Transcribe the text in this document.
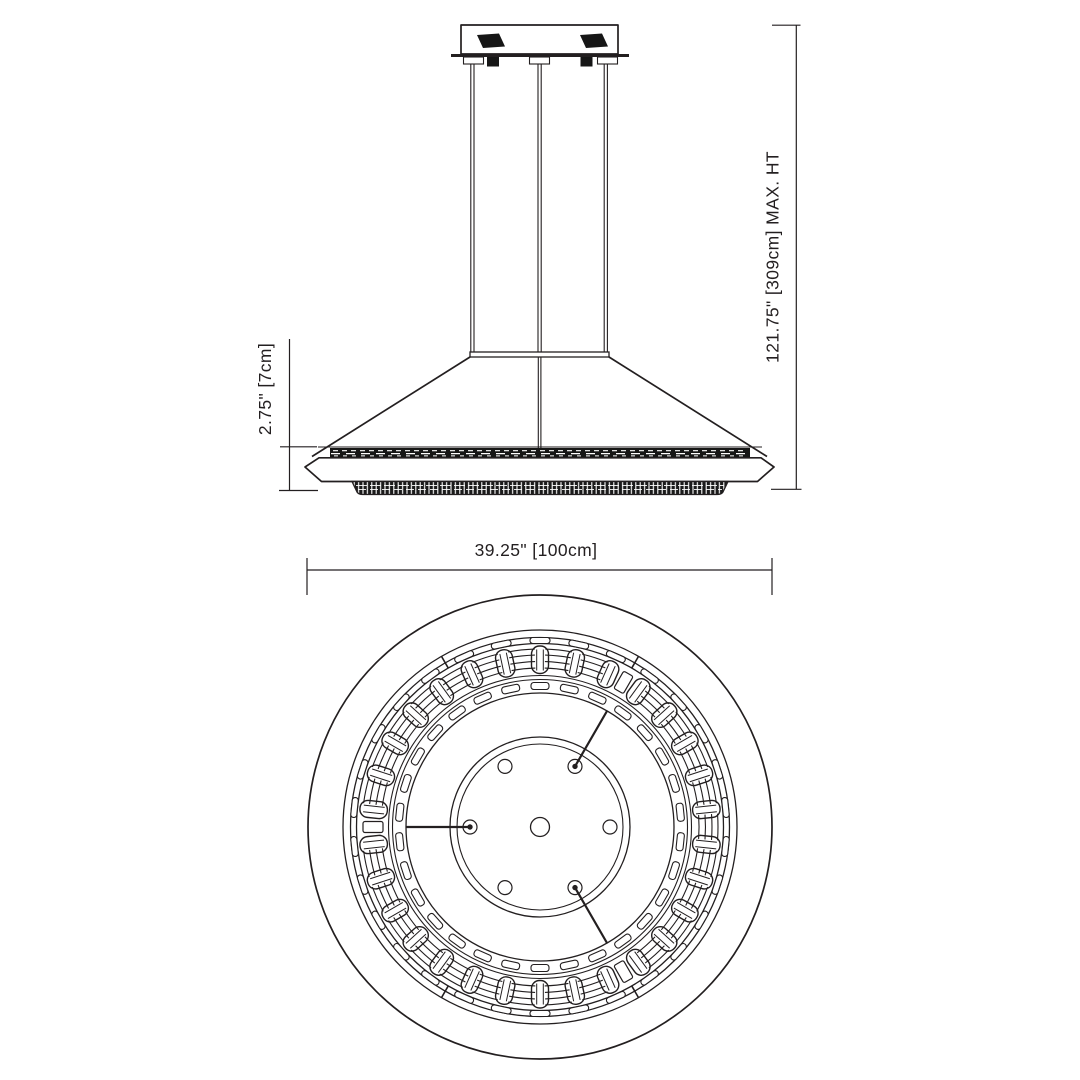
2.75" [7cm]
121.75" [309cm] MAX. HT
39.25" [100cm]
